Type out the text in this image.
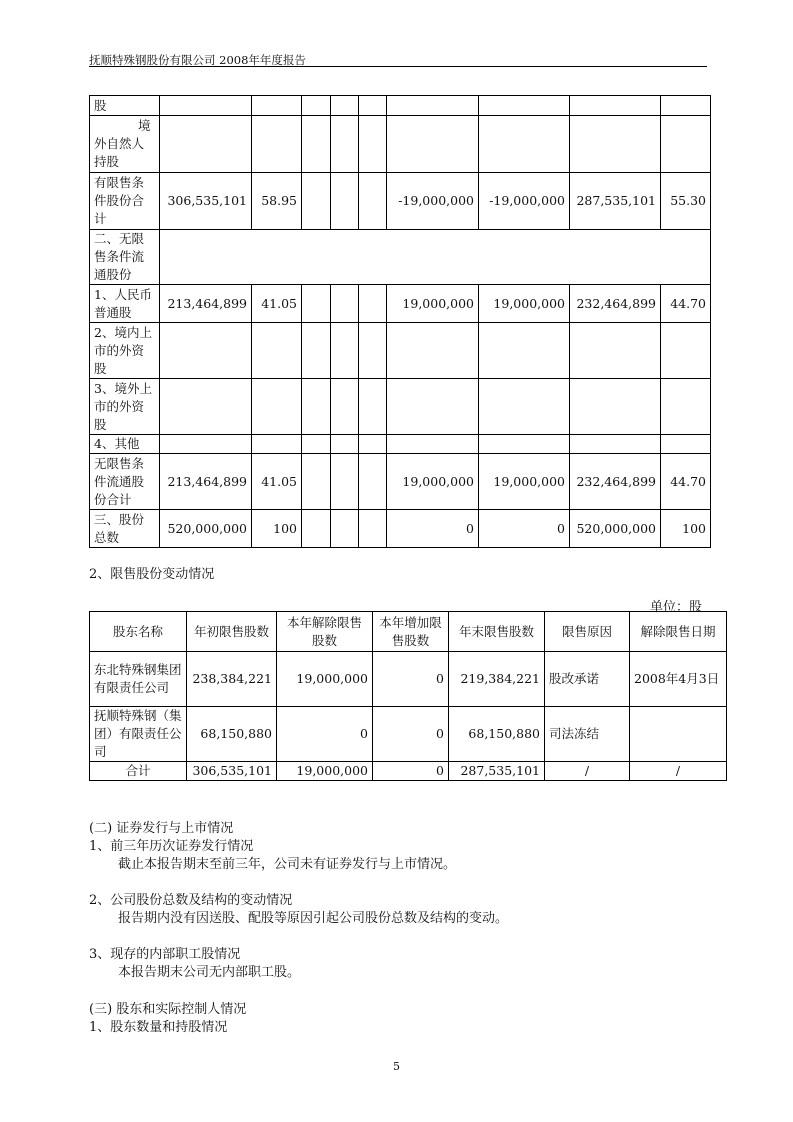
抚顺特殊钢股份有限公司 2008年年度报告
股									
境外自然人持股									
有限售条件股份合计	306,535,101	58.95				-19,000,000	-19,000,000	287,535,101	55.30
二、无限售条件流通股份									
1、人民币普通股	213,464,899	41.05				19,000,000	19,000,000	232,464,899	44.70
2、境内上市的外资股									
3、境外上市的外资股									
4、其他									
无限售条件流通股份合计	213,464,899	41.05				19,000,000	19,000,000	232,464,899	44.70
三、股份总数	520,000,000	100				0	0	520,000,000	100
2、限售股份变动情况
单位：股
股东名称	年初限售股数	本年解除限售股数	本年增加限售股数	年末限售股数	限售原因	解除限售日期
东北特殊钢集团有限责任公司	238,384,221	19,000,000	0	219,384,221	股改承诺	2008年4月3日
抚顺特殊钢（集团）有限责任公司	68,150,880	0	0	68,150,880	司法冻结	
合计	306,535,101	19,000,000	0	287,535,101	/	/
(二) 证券发行与上市情况
1、前三年历次证券发行情况
截止本报告期末至前三年，公司未有证券发行与上市情况。
2、公司股份总数及结构的变动情况
报告期内没有因送股、配股等原因引起公司股份总数及结构的变动。
3、现存的内部职工股情况
本报告期末公司无内部职工股。
(三) 股东和实际控制人情况
1、股东数量和持股情况
5
